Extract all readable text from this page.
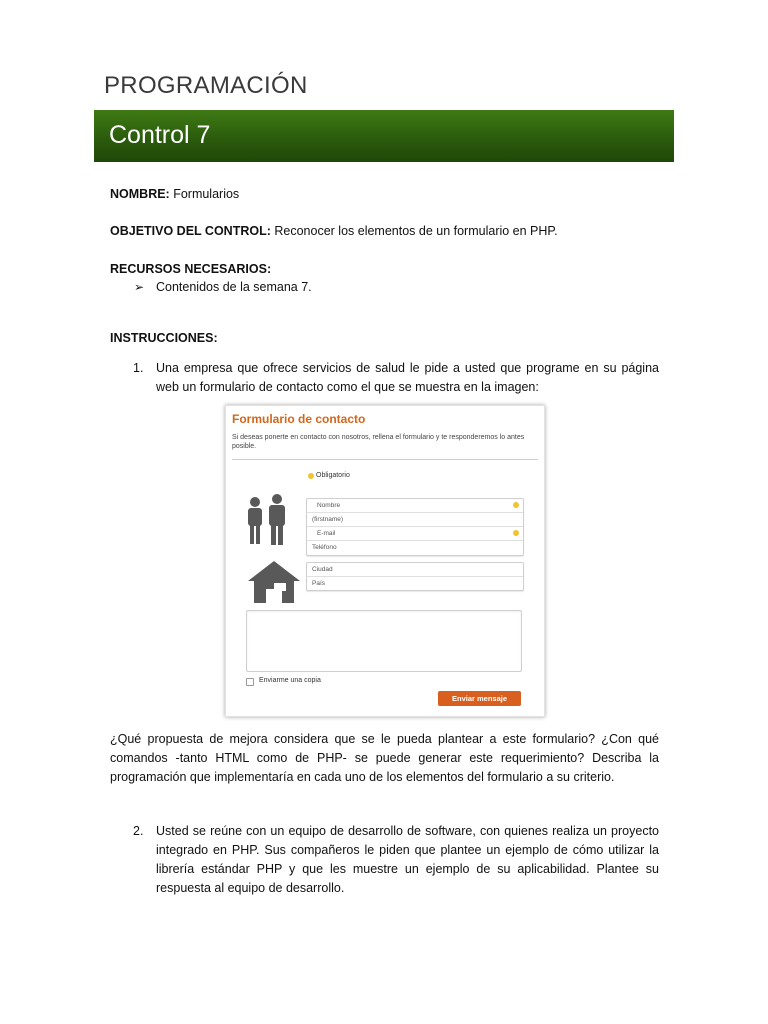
PROGRAMACIÓN
Control 7
NOMBRE: Formularios
OBJETIVO DEL CONTROL: Reconocer los elementos de un formulario en PHP.
RECURSOS NECESARIOS:
➢ Contenidos de la semana 7.
INSTRUCCIONES:
1. Una empresa que ofrece servicios de salud le pide a usted que programe en su página
web un formulario de contacto como el que se muestra en la imagen:
Formulario de contacto
Si deseas ponerte en contacto con nosotros, rellena el formulario y te responderemos lo antes posible.
Obligatorio
Nombre
(firstname)
E-mail
Teléfono
Ciudad
País
Enviarme una copia
Enviar mensaje
¿Qué propuesta de mejora considera que se le pueda plantear a este formulario? ¿Con qué comandos -tanto HTML como de PHP- se puede generar este requerimiento? Describa la programación que implementaría en cada uno de los elementos del formulario a su criterio.
2. Usted se reúne con un equipo de desarrollo de software, con quienes realiza un proyecto integrado en PHP. Sus compañeros le piden que plantee un ejemplo de cómo utilizar la librería estándar PHP y que les muestre un ejemplo de su aplicabilidad. Plantee su respuesta al equipo de desarrollo.
